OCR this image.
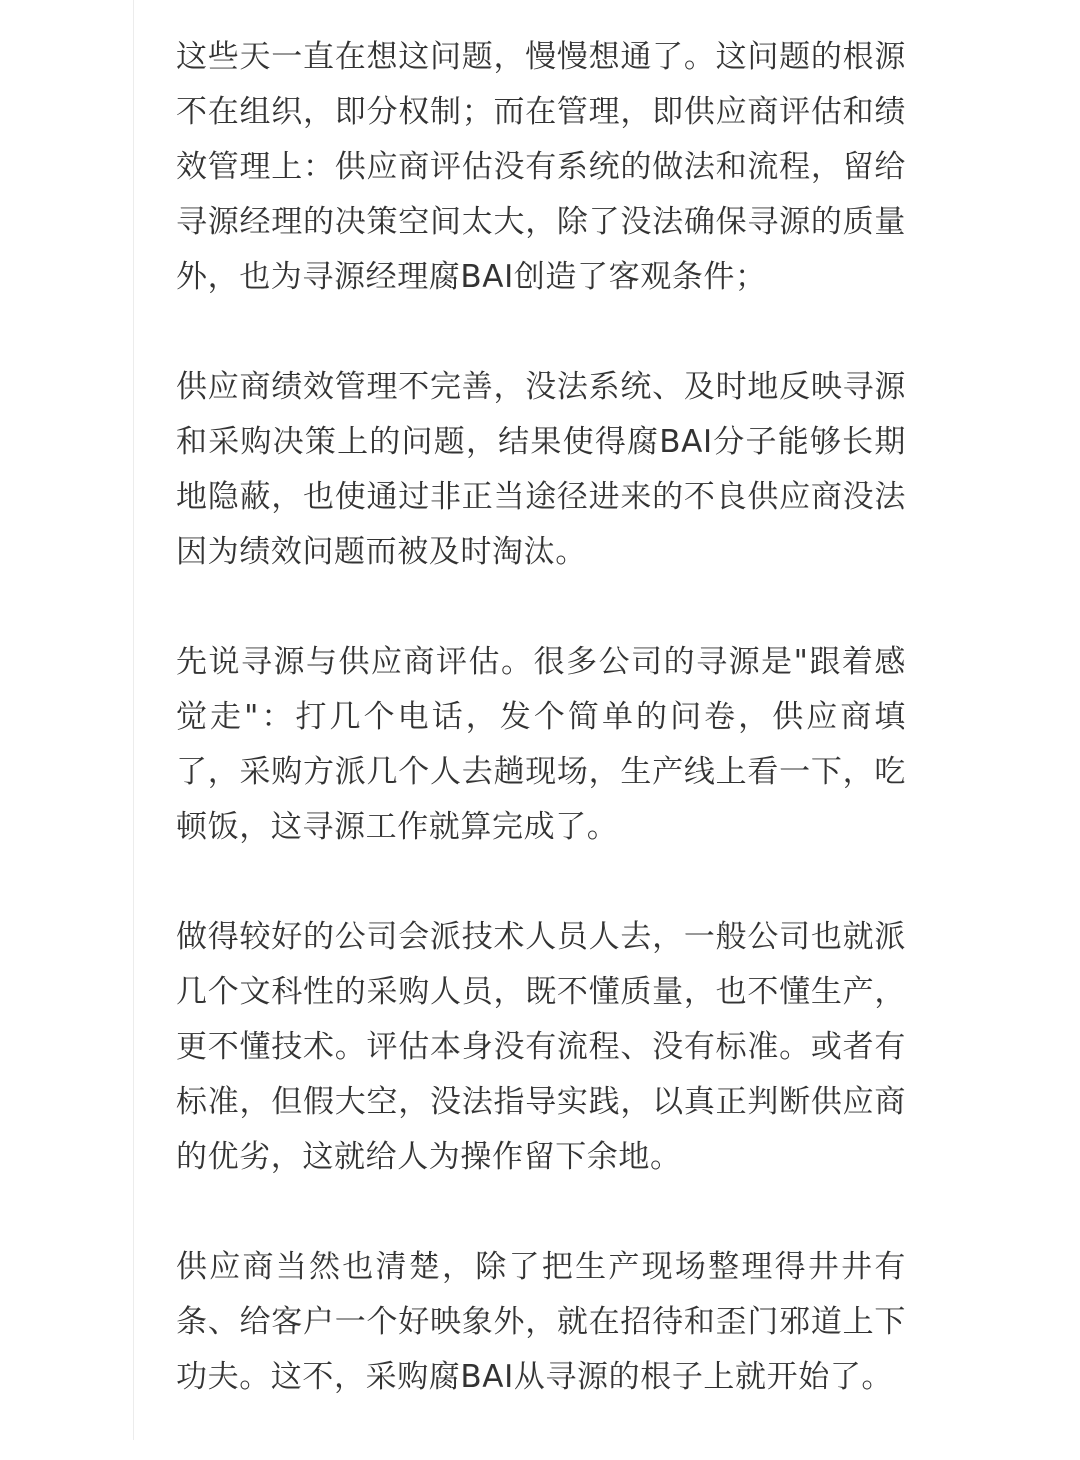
这些天一直在想这问题，慢慢想通了。这问题的根源不在组织，即分权制；而在管理，即供应商评估和绩效管理上：供应商评估没有系统的做法和流程，留给寻源经理的决策空间太大，除了没法确保寻源的质量外，也为寻源经理腐BAI创造了客观条件；

供应商绩效管理不完善，没法系统、及时地反映寻源和采购决策上的问题，结果使得腐BAI分子能够长期地隐蔽，也使通过非正当途径进来的不良供应商没法因为绩效问题而被及时淘汰。

先说寻源与供应商评估。很多公司的寻源是"跟着感觉走"：打几个电话，发个简单的问卷，供应商填了，采购方派几个人去趟现场，生产线上看一下，吃顿饭，这寻源工作就算完成了。

做得较好的公司会派技术人员人去，一般公司也就派几个文科性的采购人员，既不懂质量，也不懂生产，更不懂技术。评估本身没有流程、没有标准。或者有标准，但假大空，没法指导实践，以真正判断供应商的优劣，这就给人为操作留下余地。

供应商当然也清楚，除了把生产现场整理得井井有条、给客户一个好映象外，就在招待和歪门邪道上下功夫。这不，采购腐BAI从寻源的根子上就开始了。
